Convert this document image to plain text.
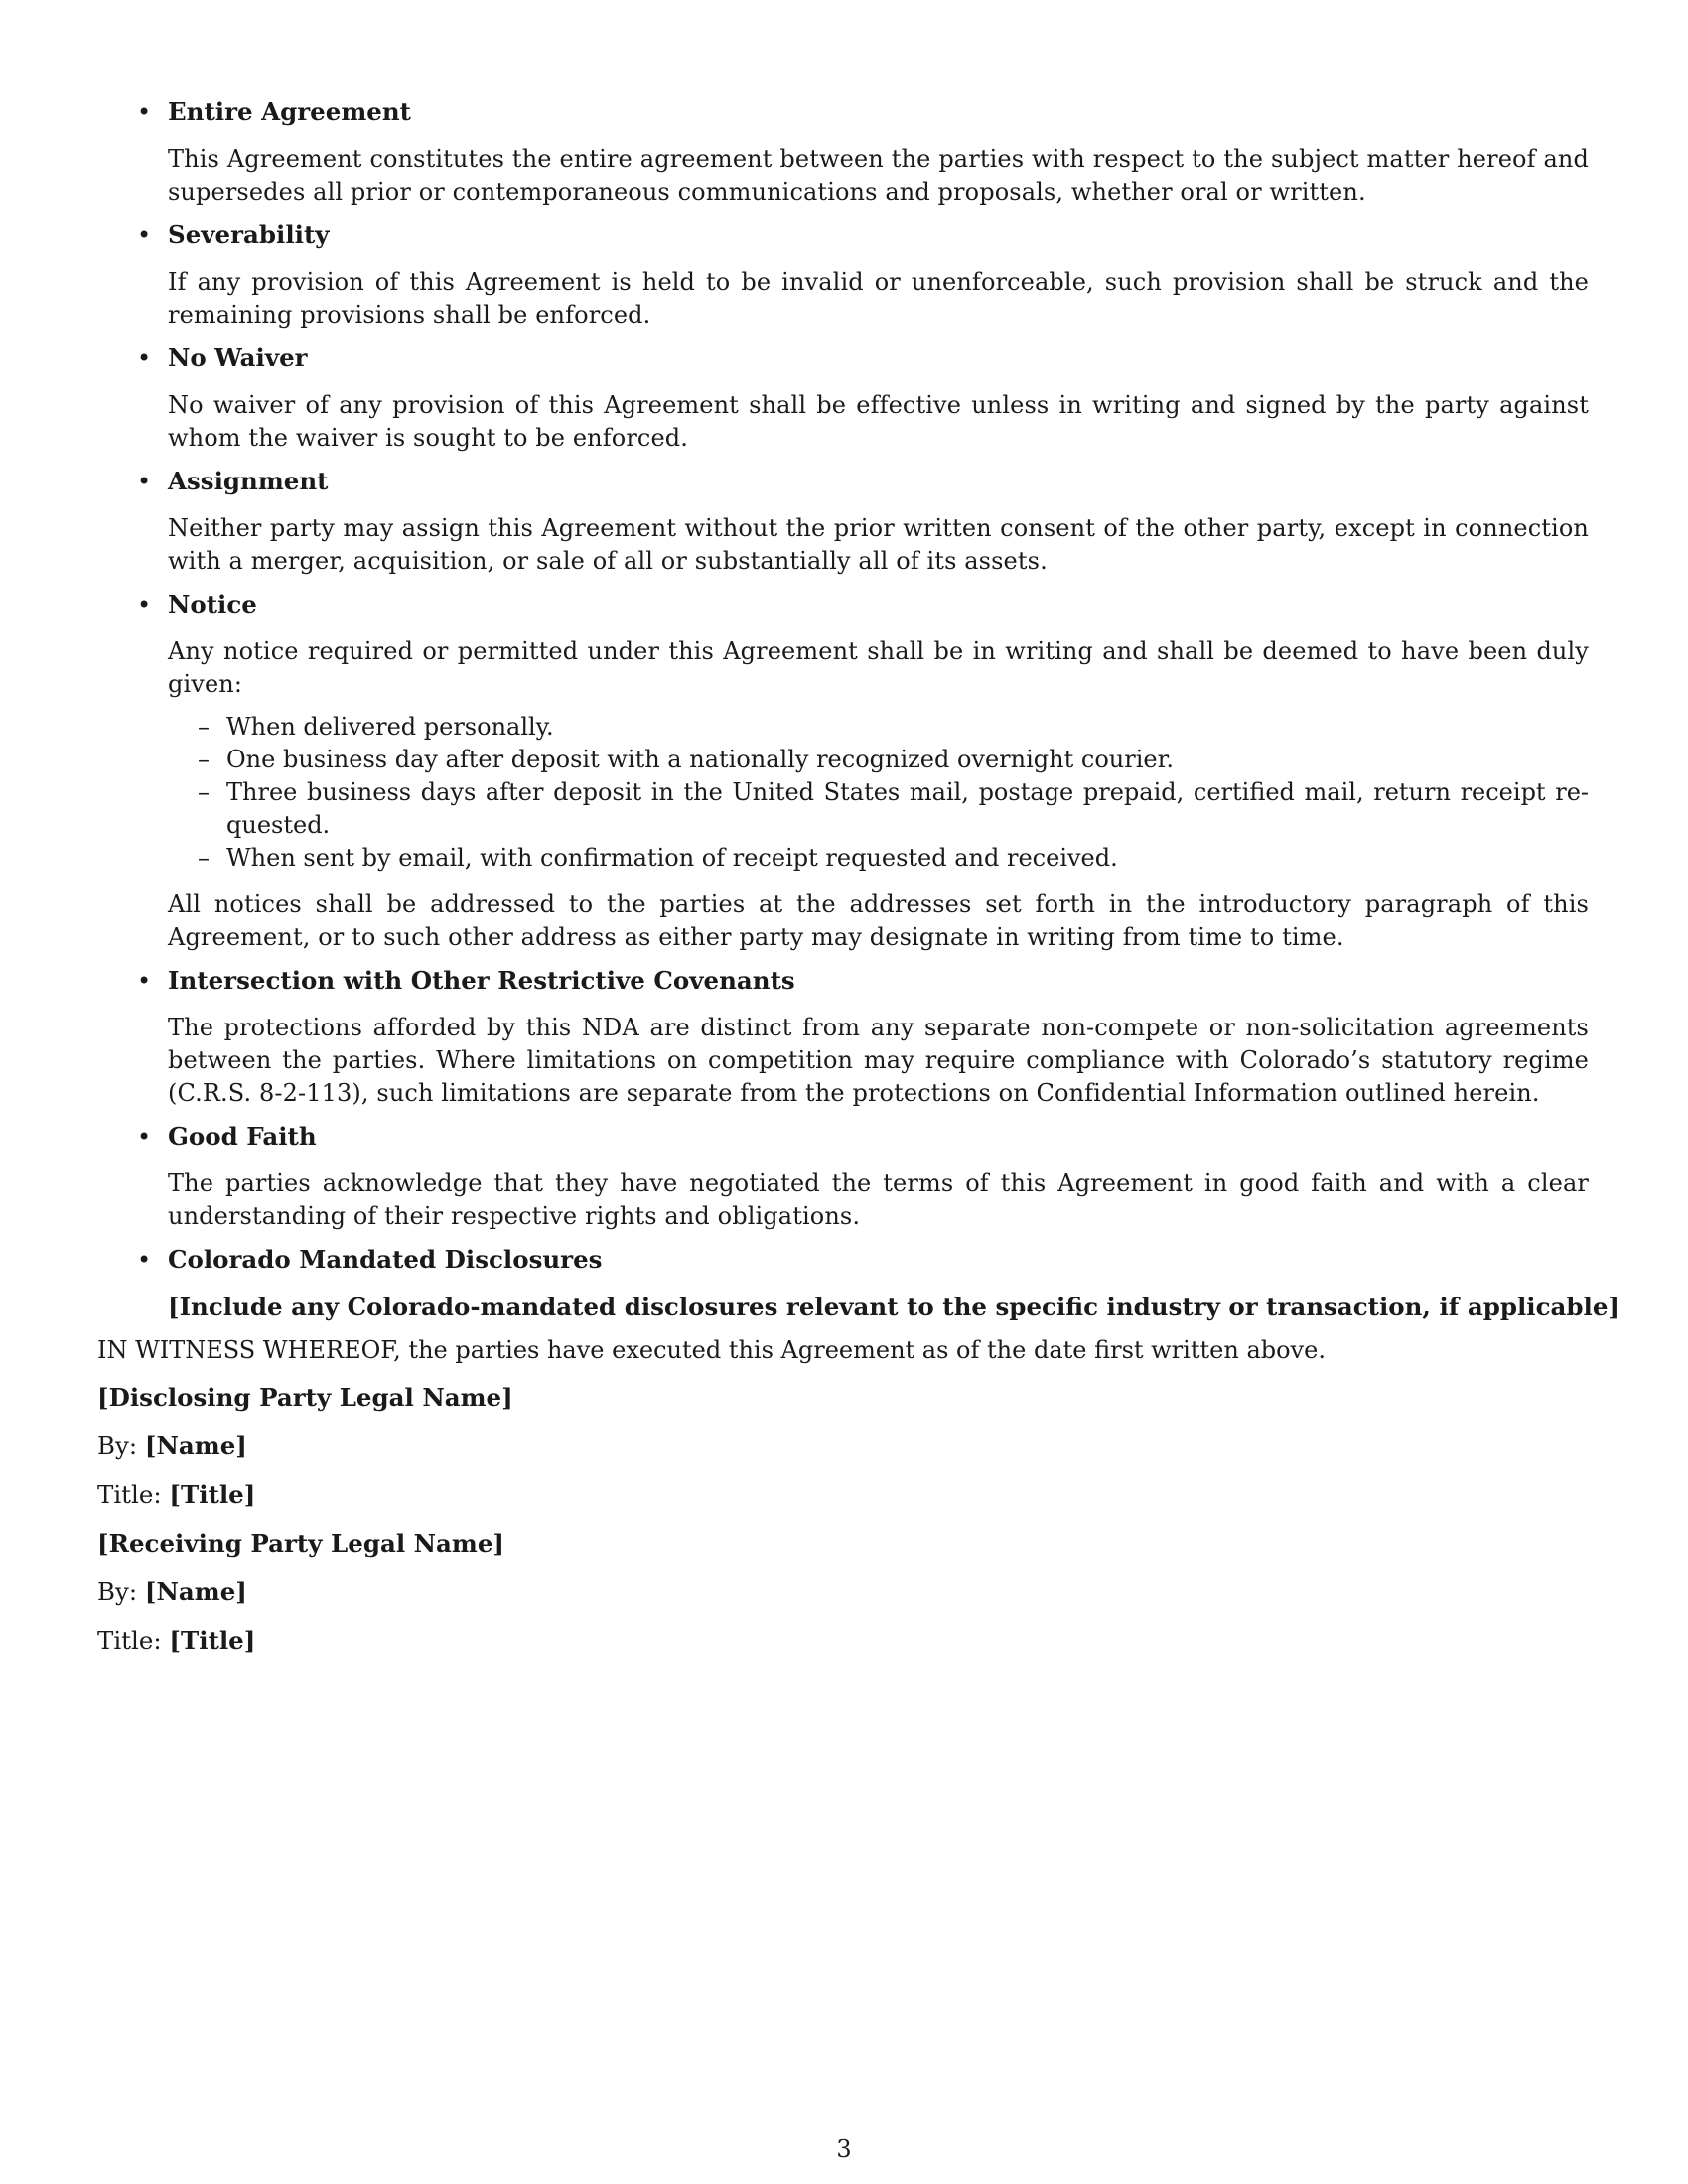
• Entire Agreement

This Agreement constitutes the entire agreement between the parties with respect to the subject matter hereof and supersedes all prior or contemporaneous communications and proposals, whether oral or written.

• Severability

If any provision of this Agreement is held to be invalid or unenforceable, such provision shall be struck and the remaining provisions shall be enforced.

• No Waiver

No waiver of any provision of this Agreement shall be effective unless in writing and signed by the party against whom the waiver is sought to be enforced.

• Assignment

Neither party may assign this Agreement without the prior written consent of the other party, except in connection with a merger, acquisition, or sale of all or substantially all of its assets.

• Notice

Any notice required or permitted under this Agreement shall be in writing and shall be deemed to have been duly given:

– When delivered personally.
– One business day after deposit with a nationally recognized overnight courier.
– Three business days after deposit in the United States mail, postage prepaid, certified mail, return receipt requested.
– When sent by email, with confirmation of receipt requested and received.

All notices shall be addressed to the parties at the addresses set forth in the introductory paragraph of this Agreement, or to such other address as either party may designate in writing from time to time.

• Intersection with Other Restrictive Covenants

The protections afforded by this NDA are distinct from any separate non-compete or non-solicitation agreements between the parties. Where limitations on competition may require compliance with Colorado’s statutory regime (C.R.S. 8-2-113), such limitations are separate from the protections on Confidential Information outlined herein.

• Good Faith

The parties acknowledge that they have negotiated the terms of this Agreement in good faith and with a clear understanding of their respective rights and obligations.

• Colorado Mandated Disclosures

[Include any Colorado-mandated disclosures relevant to the specific industry or transaction, if applicable]

IN WITNESS WHEREOF, the parties have executed this Agreement as of the date first written above.

[Disclosing Party Legal Name]

By: [Name]

Title: [Title]

[Receiving Party Legal Name]

By: [Name]

Title: [Title]

3
